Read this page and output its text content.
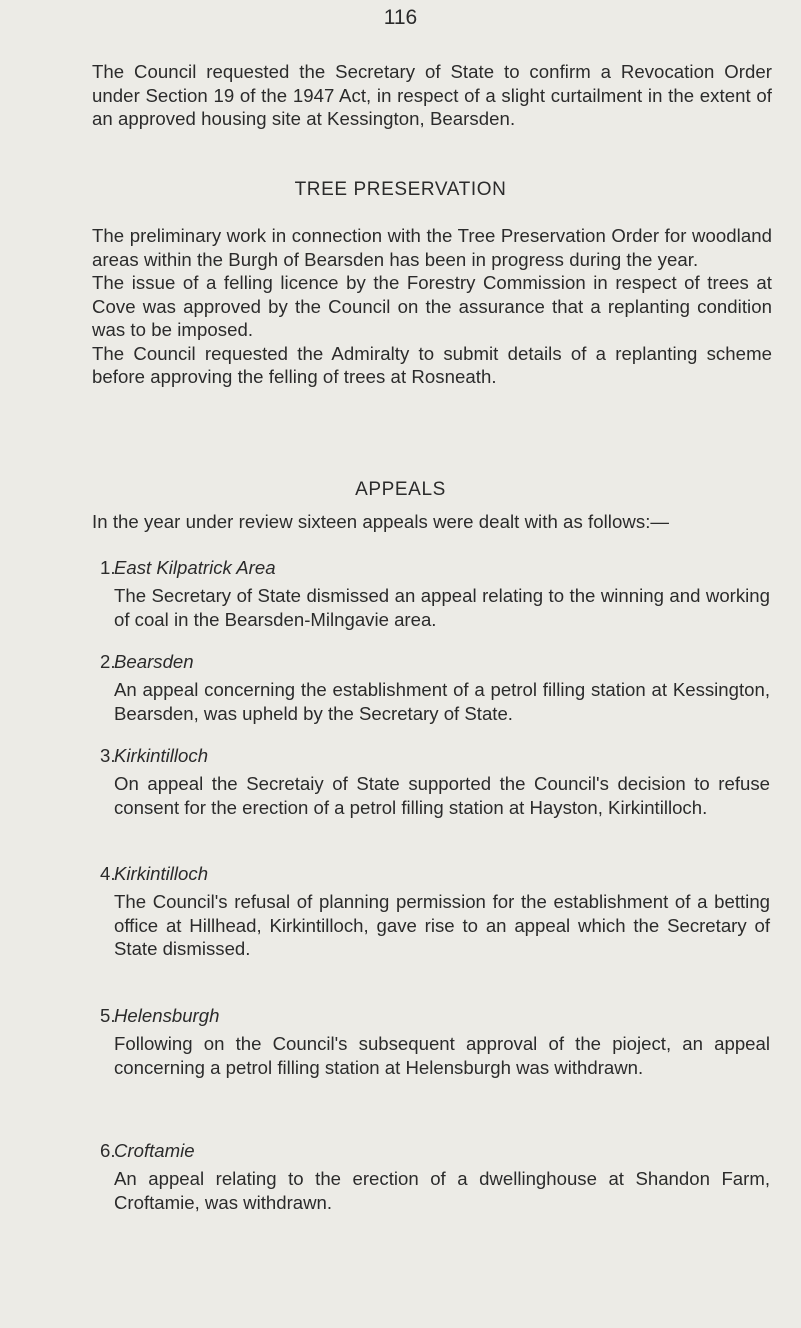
116

The Council requested the Secretary of State to confirm a Revocation Order under Section 19 of the 1947 Act, in respect of a slight curtailment in the extent of an approved housing site at Kessington, Bearsden.

TREE PRESERVATION

The preliminary work in connection with the Tree Preservation Order for woodland areas within the Burgh of Bearsden has been in progress during the year.

The issue of a felling licence by the Forestry Commission in respect of trees at Cove was approved by the Council on the assurance that a replanting condition was to be imposed.

The Council requested the Admiralty to submit details of a replanting scheme before approving the felling of trees at Rosneath.

APPEALS

In the year under review sixteen appeals were dealt with as follows:—

1.
East Kilpatrick Area
The Secretary of State dismissed an appeal relating to the winning and working of coal in the Bearsden-Milngavie area.
2.
Bearsden
An appeal concerning the establishment of a petrol filling station at Kessington, Bearsden, was upheld by the Secretary of State.
3.
Kirkintilloch
On appeal the Secretaiy of State supported the Council's decision to refuse consent for the erection of a petrol filling station at Hayston, Kirkintilloch.
4.
Kirkintilloch
The Council's refusal of planning permission for the establishment of a betting office at Hillhead, Kirkintilloch, gave rise to an appeal which the Secretary of State dismissed.
5.
Helensburgh
Following on the Council's subsequent approval of the pioject, an appeal concerning a petrol filling station at Helensburgh was withdrawn.
6.
Croftamie
An appeal relating to the erection of a dwellinghouse at Shandon Farm, Croftamie, was withdrawn.
